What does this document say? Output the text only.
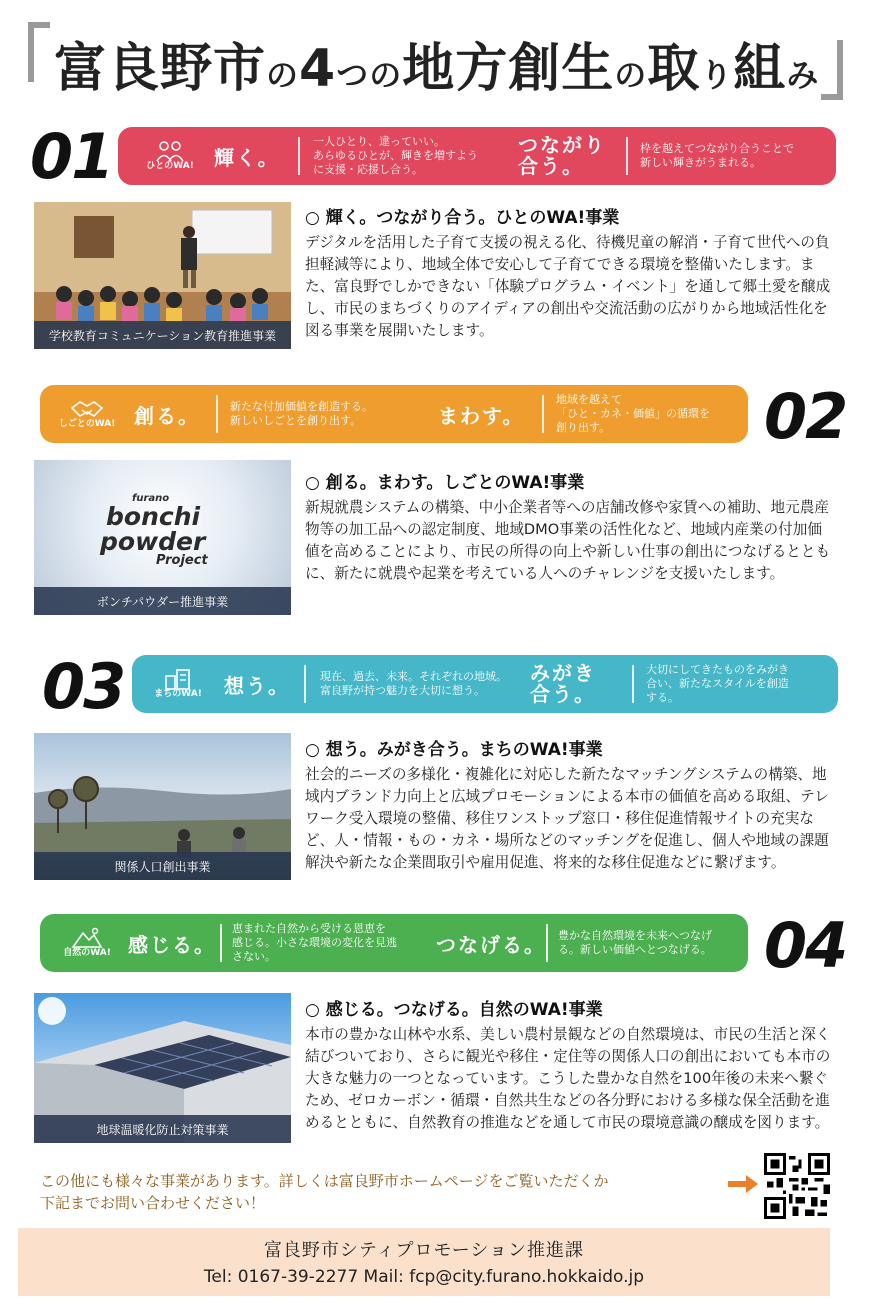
富良野市の4つの地方創生の取り組み
01	ひとのWA! 輝く。
一人ひとり、違っていい。
あらゆるひとが、輝きを増すよう
に支援・応援し合う。
つながり
合う。
枠を越えてつながり合うことで
新しい輝きがうまれる。
学校教育コミュニケーション教育推進事業
○ 輝く。つながり合う。ひとのWA!事業
デジタルを活用した子育て支援の視える化、待機児童の解消・子育て世代への負担軽減等により、地域全体で安心して子育てできる環境を整備いたします。また、富良野でしかできない「体験プログラム・イベント」を通して郷土愛を醸成し、市民のまちづくりのアイディアの創出や交流活動の広がりから地域活性化を図る事業を展開いたします。
しごとのWA! 創る。	新たな付加価値を創造する。
新しいしごとを創り出す。	まわす。
地域を越えて
「ひと・カネ・価値」の循環を
創り出す。	02
furano
bonchi
powder
Project
ボンチパウダー推進事業
○ 創る。まわす。しごとのWA!事業
新規就農システムの構築、中小企業者等への店舗改修や家賃への補助、地元農産物等の加工品への認定制度、地域DMO事業の活性化など、地域内産業の付加価値を高めることにより、市民の所得の向上や新しい仕事の創出につなげるとともに、新たに就農や起業を考えている人へのチャレンジを支援いたします。
03	まちのWA! 想う。	現在、過去、未来。それぞれの地域。
富良野が持つ魅力を大切に想う。
みがき
合う。
大切にしてきたものをみがき
合い、新たなスタイルを創造
する。
関係人口創出事業
○ 想う。みがき合う。まちのWA!事業
社会的ニーズの多様化・複雑化に対応した新たなマッチングシステムの構築、地域内ブランド力向上と広域プロモーションによる本市の価値を高める取組、テレワーク受入環境の整備、移住ワンストップ窓口・移住促進情報サイトの充実など、人・情報・もの・カネ・場所などのマッチングを促進し、個人や地域の課題解決や新たな企業間取引や雇用促進、将来的な移住促進などに繋げます。
自然のWA! 感じる。
恵まれた自然から受ける恩恵を
感じる。小さな環境の変化を見逃
さない。
つなげる。 豊かな自然環境を未来へつなげ
る。新しい価値へとつなげる。 04
地球温暖化防止対策事業
○ 感じる。つなげる。自然のWA!事業
本市の豊かな山林や水系、美しい農村景観などの自然環境は、市民の生活と深く結びついており、さらに観光や移住・定住等の関係人口の創出においても本市の大きな魅力の一つとなっています。こうした豊かな自然を100年後の未来へ繋ぐため、ゼロカーボン・循環・自然共生などの各分野における多様な保全活動を進めるとともに、自然教育の推進などを通して市民の環境意識の醸成を図ります。
この他にも様々な事業があります。詳しくは富良野市ホームページをご覧いただくか
下記までお問い合わせください！
富良野市シティプロモーション推進課
Tel: 0167-39-2277 Mail: fcp@city.furano.hokkaido.jp
